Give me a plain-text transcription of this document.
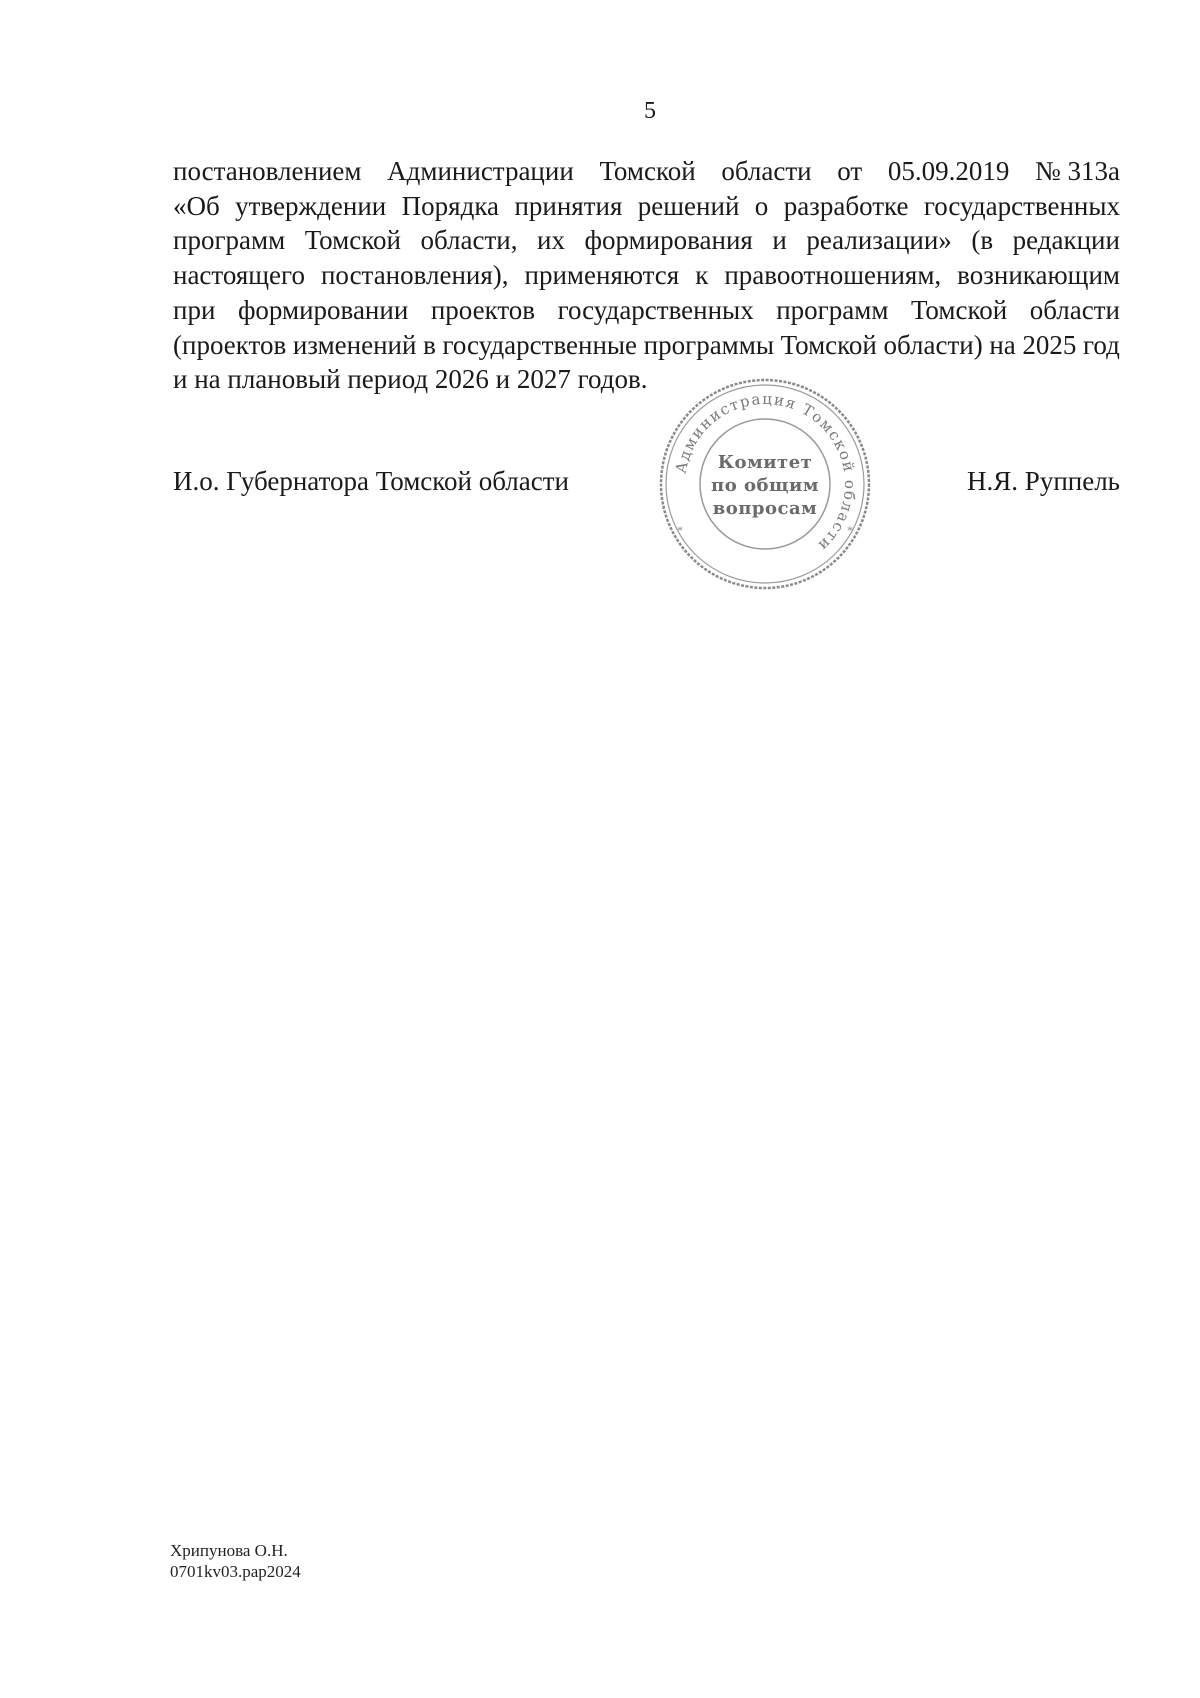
5
постановлением Администрации Томской области от 05.09.2019 № 313а
«Об утверждении Порядка принятия решений о разработке государственных
программ Томской области, их формирования и реализации» (в редакции
настоящего постановления), применяются к правоотношениям, возникающим
при формировании проектов государственных программ Томской области
(проектов изменений в государственные программы Томской области) на 2025 год
и на плановый период 2026 и 2027 годов.
И.о. Губернатора Томской области	Администрация Томской области
*	*
Комитет
по общим
вопросам
Н.Я. Руппель
Хрипунова О.Н.
0701kv03.pap2024
